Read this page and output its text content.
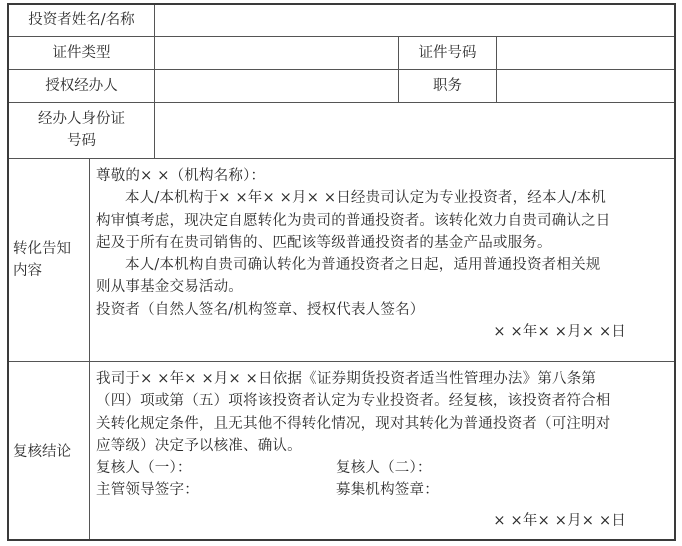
投资者姓名/名称
证件类型	证件号码
授权经办人	职务
经办人身份证
号码
转化告知
内容

尊敬的× ×（机构名称）：

本人/本机构于× ×年× ×月× ×日经贵司认定为专业投资者，经本人/本机

构审慎考虑，现决定自愿转化为贵司的普通投资者。该转化效力自贵司确认之日

起及于所有在贵司销售的、匹配该等级普通投资者的基金产品或服务。

本人/本机构自贵司确认转化为普通投资者之日起，适用普通投资者相关规

则从事基金交易活动。

投资者（自然人签名/机构签章、授权代表人签名）

× ×年× ×月× ×日

复核结论

我司于× ×年× ×月× ×日依据《证券期货投资者适当性管理办法》第八条第

（四）项或第（五）项将该投资者认定为专业投资者。经复核，该投资者符合相

关转化规定条件，且无其他不得转化情况，现对其转化为普通投资者（可注明对

应等级）决定予以核准、确认。

复核人（一）：	复核人（二）：

主管领导签字：	募集机构签章：

× ×年× ×月× ×日
